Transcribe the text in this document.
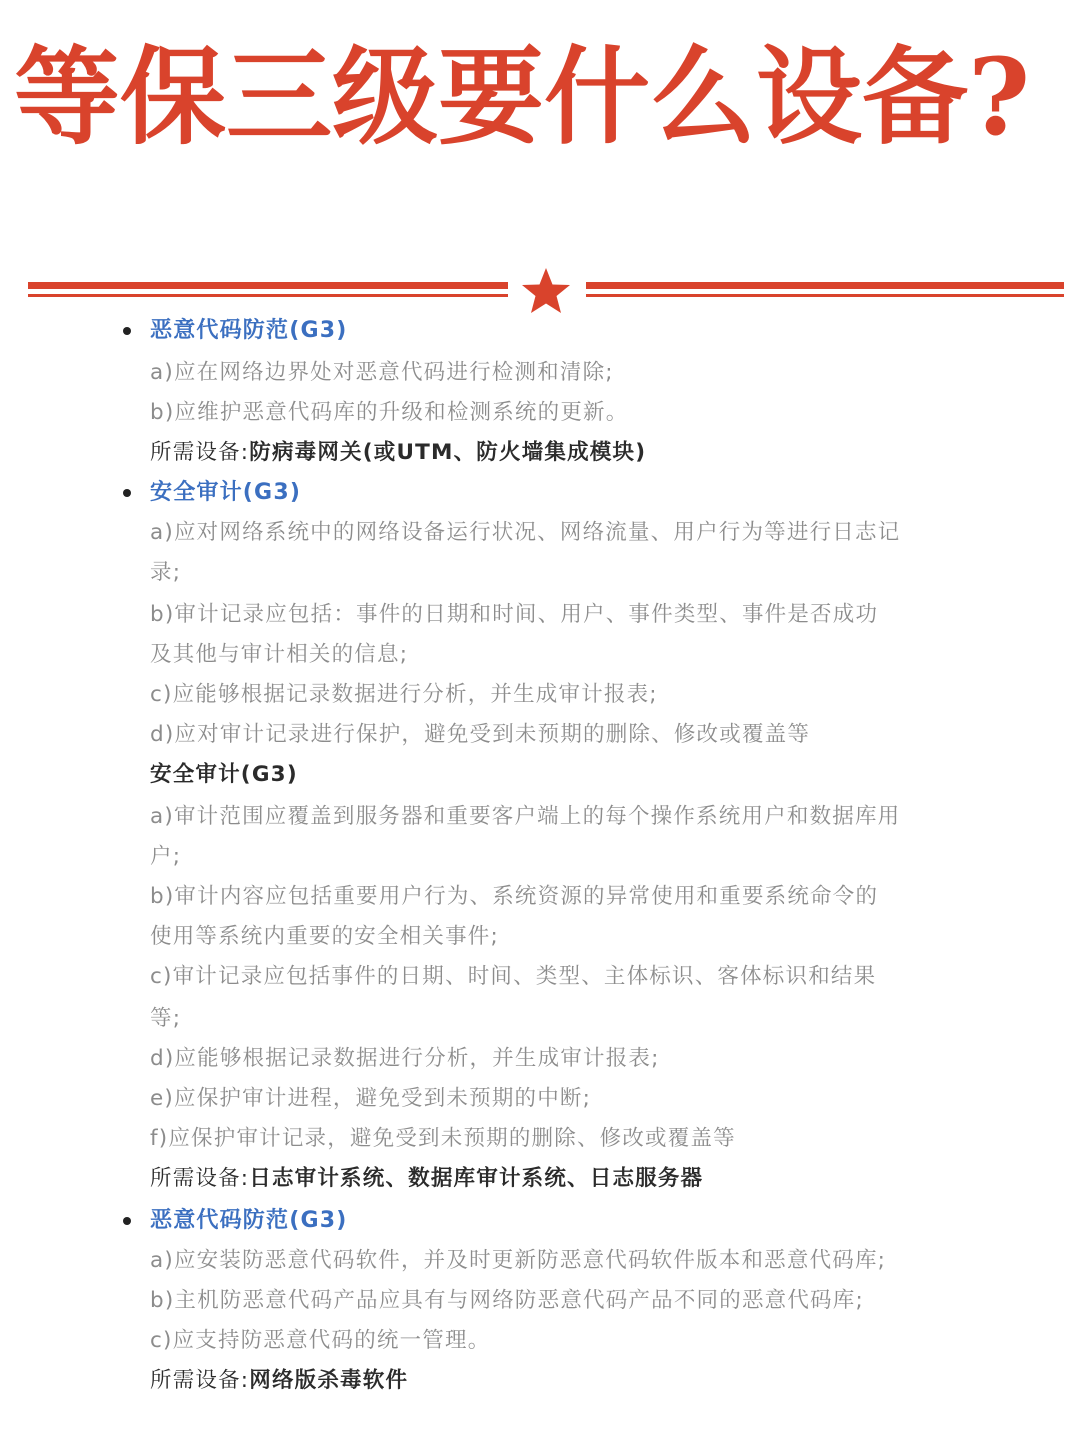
等保三级要什么设备?
恶意代码防范(G3)
a)应在网络边界处对恶意代码进行检测和清除;
b)应维护恶意代码库的升级和检测系统的更新。
所需设备:防病毒网关(或UTM、防火墙集成模块)
安全审计(G3)
a)应对网络系统中的网络设备运行状况、网络流量、用户行为等进行日志记
录;
b)审计记录应包括：事件的日期和时间、用户、事件类型、事件是否成功
及其他与审计相关的信息;
c)应能够根据记录数据进行分析，并生成审计报表;
d)应对审计记录进行保护，避免受到未预期的删除、修改或覆盖等
安全审计(G3)
a)审计范围应覆盖到服务器和重要客户端上的每个操作系统用户和数据库用
户;
b)审计内容应包括重要用户行为、系统资源的异常使用和重要系统命令的
使用等系统内重要的安全相关事件;
c)审计记录应包括事件的日期、时间、类型、主体标识、客体标识和结果
等;
d)应能够根据记录数据进行分析，并生成审计报表;
e)应保护审计进程，避免受到未预期的中断;
f)应保护审计记录，避免受到未预期的删除、修改或覆盖等
所需设备:日志审计系统、数据库审计系统、日志服务器
恶意代码防范(G3)
a)应安装防恶意代码软件，并及时更新防恶意代码软件版本和恶意代码库;
b)主机防恶意代码产品应具有与网络防恶意代码产品不同的恶意代码库;
c)应支持防恶意代码的统一管理。
所需设备:网络版杀毒软件
